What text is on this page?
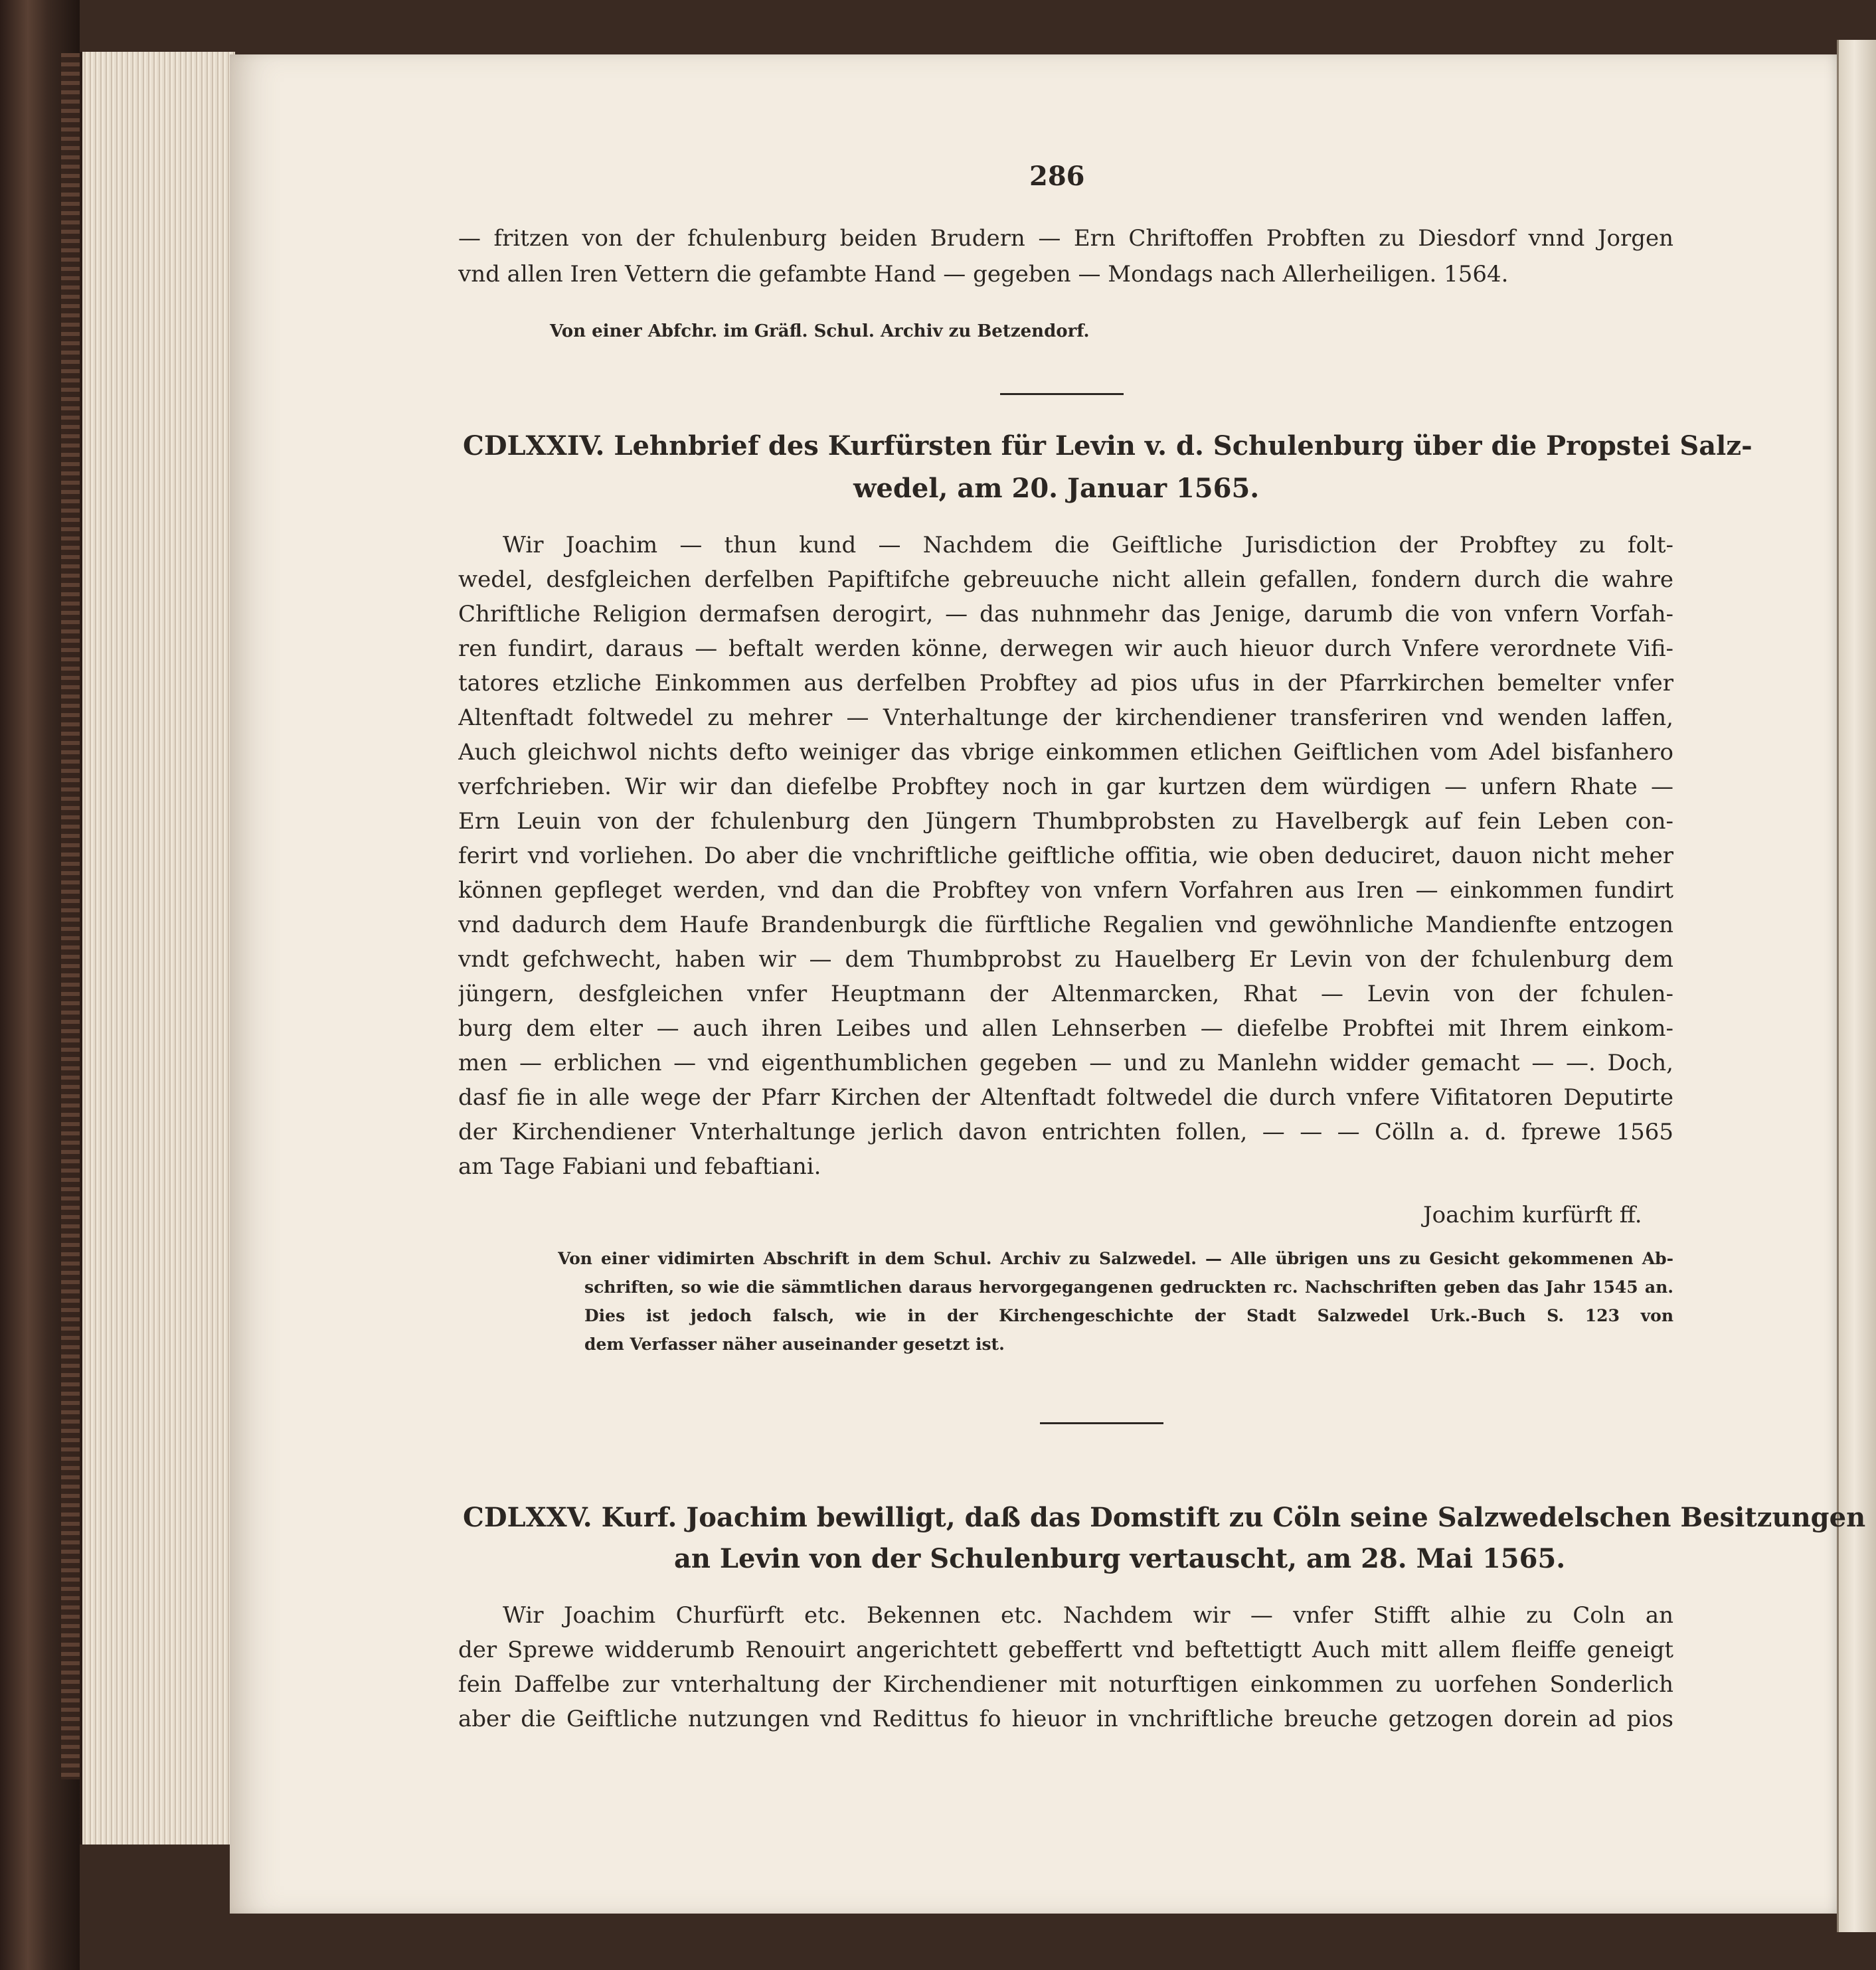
286
— fritzen von der fchulenburg beiden Brudern — Ern Chriftoffen Probften zu Diesdorf vnnd Jorgen
vnd allen Iren Vettern die gefambte Hand — gegeben — Mondags nach Allerheiligen. 1564.
Von einer Abfchr. im Gräfl. Schul. Archiv zu Betzendorf.
CDLXXIV. Lehnbrief des Kurfürsten für Levin v. d. Schulenburg über die Propstei Salz-
wedel, am 20. Januar 1565.
Wir Joachim — thun kund — Nachdem die Geiftliche Jurisdiction der Probftey zu folt-
wedel, desfgleichen derfelben Papiftifche gebreuuche nicht allein gefallen, fondern durch die wahre
Chriftliche Religion dermafsen derogirt, — das nuhnmehr das Jenige, darumb die von vnfern Vorfah-
ren fundirt, daraus — beftalt werden könne, derwegen wir auch hieuor durch Vnfere verordnete Vifi-
tatores etzliche Einkommen aus derfelben Probftey ad pios ufus in der Pfarrkirchen bemelter vnfer
Altenftadt foltwedel zu mehrer — Vnterhaltunge der kirchendiener transferiren vnd wenden laffen,
Auch gleichwol nichts defto weiniger das vbrige einkommen etlichen Geiftlichen vom Adel bisfanhero
verfchrieben. Wir wir dan diefelbe Probftey noch in gar kurtzen dem würdigen — unfern Rhate —
Ern Leuin von der fchulenburg den Jüngern Thumbprobsten zu Havelbergk auf fein Leben con-
ferirt vnd vorliehen. Do aber die vnchriftliche geiftliche offitia, wie oben deduciret, dauon nicht meher
können gepfleget werden, vnd dan die Probftey von vnfern Vorfahren aus Iren — einkommen fundirt
vnd dadurch dem Haufe Brandenburgk die fürftliche Regalien vnd gewöhnliche Mandienfte entzogen
vndt gefchwecht, haben wir — dem Thumbprobst zu Hauelberg Er Levin von der fchulenburg dem
jüngern, desfgleichen vnfer Heuptmann der Altenmarcken, Rhat — Levin von der fchulen-
burg dem elter — auch ihren Leibes und allen Lehnserben — diefelbe Probftei mit Ihrem einkom-
men — erblichen — vnd eigenthumblichen gegeben — und zu Manlehn widder gemacht — —. Doch,
dasf fie in alle wege der Pfarr Kirchen der Altenftadt foltwedel die durch vnfere Vifitatoren Deputirte
der Kirchendiener Vnterhaltunge jerlich davon entrichten follen, — — — Cölln a. d. fprewe 1565
am Tage Fabiani und febaftiani.
Joachim kurfürft ff.
Von einer vidimirten Abschrift in dem Schul. Archiv zu Salzwedel. — Alle übrigen uns zu Gesicht gekommenen Ab-
schriften, so wie die sämmtlichen daraus hervorgegangenen gedruckten rc. Nachschriften geben das Jahr 1545 an.
Dies ist jedoch falsch, wie in der Kirchengeschichte der Stadt Salzwedel Urk.-Buch S. 123 von
dem Verfasser näher auseinander gesetzt ist.
CDLXXV. Kurf. Joachim bewilligt, daß das Domstift zu Cöln seine Salzwedelschen Besitzungen
an Levin von der Schulenburg vertauscht, am 28. Mai 1565.
Wir Joachim Churfürft etc. Bekennen etc. Nachdem wir — vnfer Stifft alhie zu Coln an
der Sprewe widderumb Renouirt angerichtett gebeffertt vnd beftettigtt Auch mitt allem fleiffe geneigt
fein Daffelbe zur vnterhaltung der Kirchendiener mit noturftigen einkommen zu uorfehen Sonderlich
aber die Geiftliche nutzungen vnd Redittus fo hieuor in vnchriftliche breuche getzogen dorein ad pios
